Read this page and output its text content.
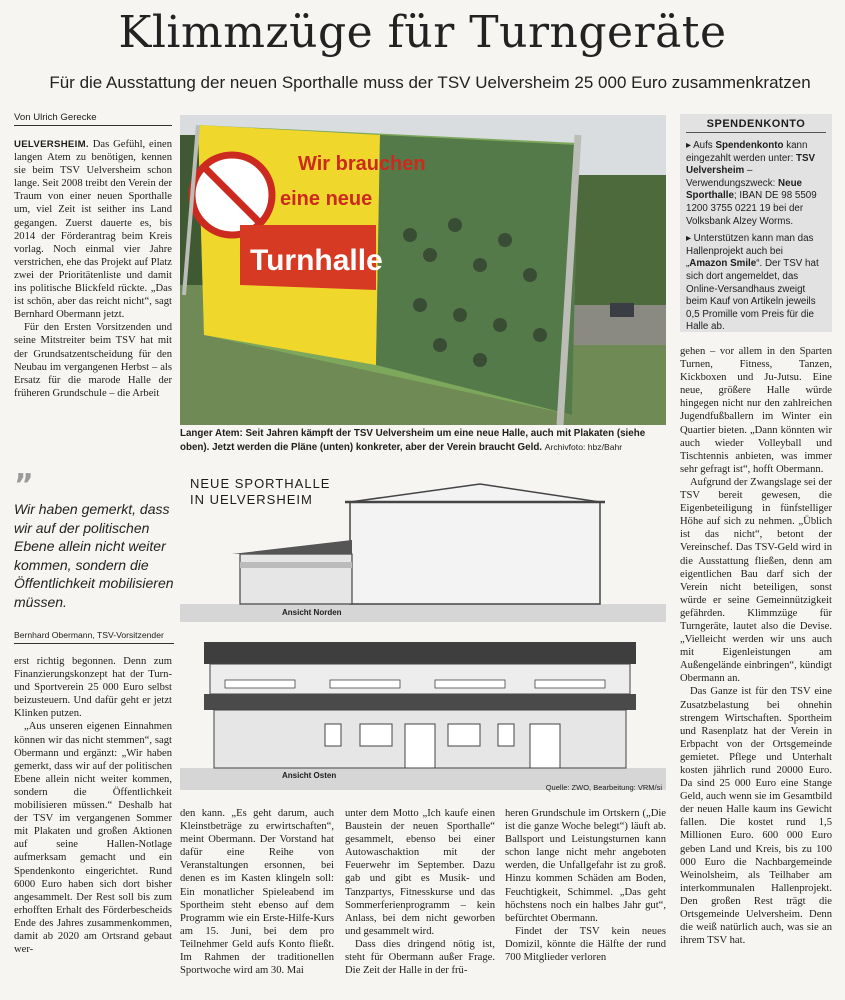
Klimmzüge für Turngeräte
Für die Ausstattung der neuen Sporthalle muss der TSV Uelversheim 25 000 Euro zusammenkratzen
Von Ulrich Gerecke

UELVERSHEIM. Das Gefühl, einen langen Atem zu benötigen, kennen sie beim TSV Uelversheim schon lange. Seit 2008 treibt den Verein der Traum von einer neuen Sporthalle um, viel Zeit ist seither ins Land gegangen. Zuerst dauerte es, bis 2014 der Förderantrag beim Kreis vorlag. Noch einmal vier Jahre verstrichen, ehe das Projekt auf Platz zwei der Prioritätenliste und damit ins politische Blickfeld rückte. „Das ist schön, aber das reicht nicht“, sagt Bernhard Obermann jetzt.

Für den Ersten Vorsitzenden und seine Mitstreiter beim TSV hat mit der Grundsatzentscheidung für den Neubau im vergangenen Herbst – als Ersatz für die marode Halle der früheren Grundschule – die Arbeit

”
Wir haben gemerkt, dass wir auf der politischen Ebene allein nicht weiter kommen, sondern die Öffentlichkeit mobilisieren müssen.
Bernhard Obermann, TSV-Vorsitzender

erst richtig begonnen. Denn zum Finanzierungskonzept hat der Turn- und Sportverein 25 000 Euro selbst beizusteuern. Und dafür geht er jetzt Klinken putzen.

„Aus unseren eigenen Einnahmen können wir das nicht stemmen“, sagt Obermann und ergänzt: „Wir haben gemerkt, dass wir auf der politischen Ebene allein nicht weiter kommen, sondern die Öffentlichkeit mobilisieren müssen.“ Deshalb hat der TSV im vergangenen Sommer mit Plakaten und großen Aktionen auf seine Hallen-Notlage aufmerksam gemacht und ein Spendenkonto eingerichtet. Rund 6000 Euro haben sich dort bisher angesammelt. Der Rest soll bis zum erhofften Erhalt des Förderbescheids Ende des Jahres zusammenkommen, damit ab 2020 am Ortsrand gebaut wer-

Wir brauchen
eine neue
Turnhalle
Langer Atem: Seit Jahren kämpft der TSV Uelversheim um eine neue Halle, auch mit Plakaten (siehe oben). Jetzt werden die Pläne (unten) konkreter, aber der Verein braucht Geld. Archivfoto: hbz/Bahr
SPENDENKONTO

▸ Aufs Spendenkonto kann eingezahlt werden unter: TSV Uelversheim – Verwendungszweck: Neue Sporthalle; IBAN DE 98 5509 1200 3755 0221 19 bei der Volksbank Alzey Worms.

▸ Unterstützen kann man das Hallenprojekt auch bei „Amazon Smile“. Der TSV hat sich dort angemeldet, das Online-Versandhaus zweigt beim Kauf von Artikeln jeweils 0,5 Promille vom Preis für die Halle ab.

NEUE SPORTHALLE
IN UELVERSHEIM
Ansicht Norden
Ansicht Osten
Quelle: ZWO, Bearbeitung: VRM/si

den kann. „Es geht darum, auch Kleinstbeträge zu erwirtschaften“, meint Obermann. Der Vorstand hat dafür eine Reihe von Veranstaltungen ersonnen, bei denen es im Kasten klingeln soll: Ein monatlicher Spieleabend im Sportheim steht ebenso auf dem Programm wie ein Erste-Hilfe-Kurs am 15. Juni, bei dem pro Teilnehmer Geld aufs Konto fließt. Im Rahmen der traditionellen Sportwoche wird am 30. Mai

unter dem Motto „Ich kaufe einen Baustein der neuen Sporthalle“ gesammelt, ebenso bei einer Autowaschaktion mit der Feuerwehr im September. Dazu gab und gibt es Musik- und Tanzpartys, Fitnesskurse und das Sommerferienprogramm – kein Anlass, bei dem nicht geworben und gesammelt wird.

Dass dies dringend nötig ist, steht für Obermann außer Frage. Die Zeit der Halle in der frü-

heren Grundschule im Ortskern („Die ist die ganze Woche belegt“) läuft ab. Ballsport und Leistungsturnen kann schon lange nicht mehr angeboten werden, die Unfallgefahr ist zu groß. Hinzu kommen Schäden am Boden, Feuchtigkeit, Schimmel. „Das geht höchstens noch ein halbes Jahr gut“, befürchtet Obermann.

Findet der TSV kein neues Domizil, könnte die Hälfte der rund 700 Mitglieder verloren

gehen – vor allem in den Sparten Turnen, Fitness, Tanzen, Kickboxen und Ju-Jutsu. Eine neue, größere Halle würde hingegen nicht nur den zahlreichen Jugendfußballern im Winter ein Quartier bieten. „Dann könnten wir auch wieder Volleyball und Tischtennis anbieten, was immer sehr gefragt ist“, hofft Obermann.

Aufgrund der Zwangslage sei der TSV bereit gewesen, die Eigenbeteiligung in fünfstelliger Höhe auf sich zu nehmen. „Üblich ist das nicht“, betont der Vereinschef. Das TSV-Geld wird in die Ausstattung fließen, denn am eigentlichen Bau darf sich der Verein nicht beteiligen, sonst würde er seine Gemeinnützigkeit gefährden. Klimmzüge für Turngeräte, lautet also die Devise. „Vielleicht werden wir uns auch mit Eigenleistungen am Außengelände einbringen“, kündigt Obermann an.

Das Ganze ist für den TSV eine Zusatzbelastung bei ohnehin strengem Wirtschaften. Sportheim und Rasenplatz hat der Verein in Erbpacht von der Ortsgemeinde gemietet. Pflege und Unterhalt kosten jährlich rund 20000 Euro. Da sind 25 000 Euro eine Stange Geld, auch wenn sie im Gesamtbild der neuen Halle kaum ins Gewicht fallen. Die kostet rund 1,5 Millionen Euro. 600 000 Euro geben Land und Kreis, bis zu 100 000 Euro die Nachbargemeinde Weinolsheim, als Teilhaber am interkommunalen Hallenprojekt. Den großen Rest trägt die Ortsgemeinde Uelversheim. Denn die weiß natürlich auch, was sie an ihrem TSV hat.
